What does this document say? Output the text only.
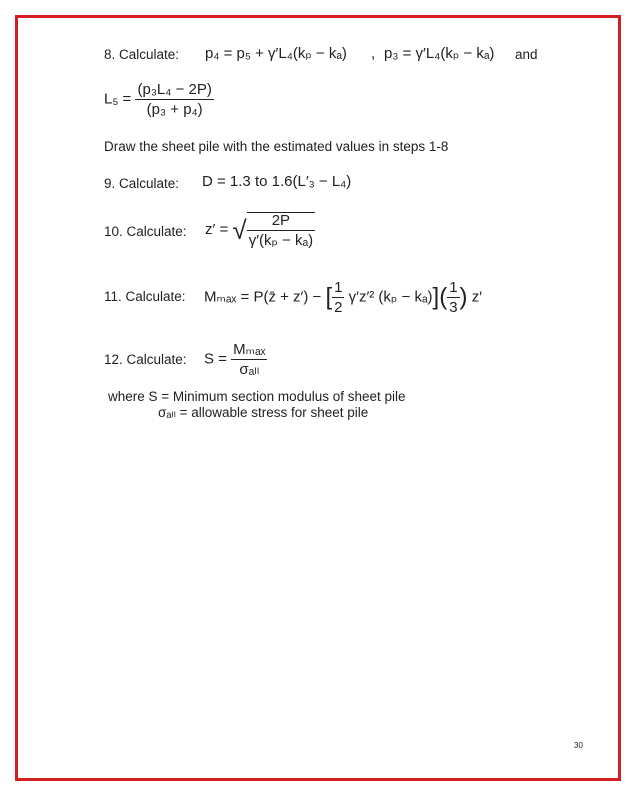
8. Calculate: p₄ = p₅ + γ′L₄(kₚ − kₐ) , p₃ = γ′L₄(kₚ − kₐ) and
$L_5 = \frac{\text{(p₃L₄ − 2P)}}{\text{(p₃ + p₄)}}$
Draw the sheet pile with the estimated values in steps 1-8
9. Calculate: D = 1.3 to 1.6(L′₃ − L₄)
10. Calculate: z′ = √ $\frac{2P}{\text{γ′(kₚ − kₐ)}}$
11. Calculate: Mₘₐₓ = P(z̄ + z′) − [ $\frac{1}{2} \gamma'z'^2$ $(k_p - k_a)]( \frac{1}{3}$ ) z′
12. Calculate: $S = \frac{\text{Mₘₐₓ}}{\text{σₐₗₗ}}$
where S = Minimum section modulus of sheet pile
σₐₗₗ = allowable stress for sheet pile
30
